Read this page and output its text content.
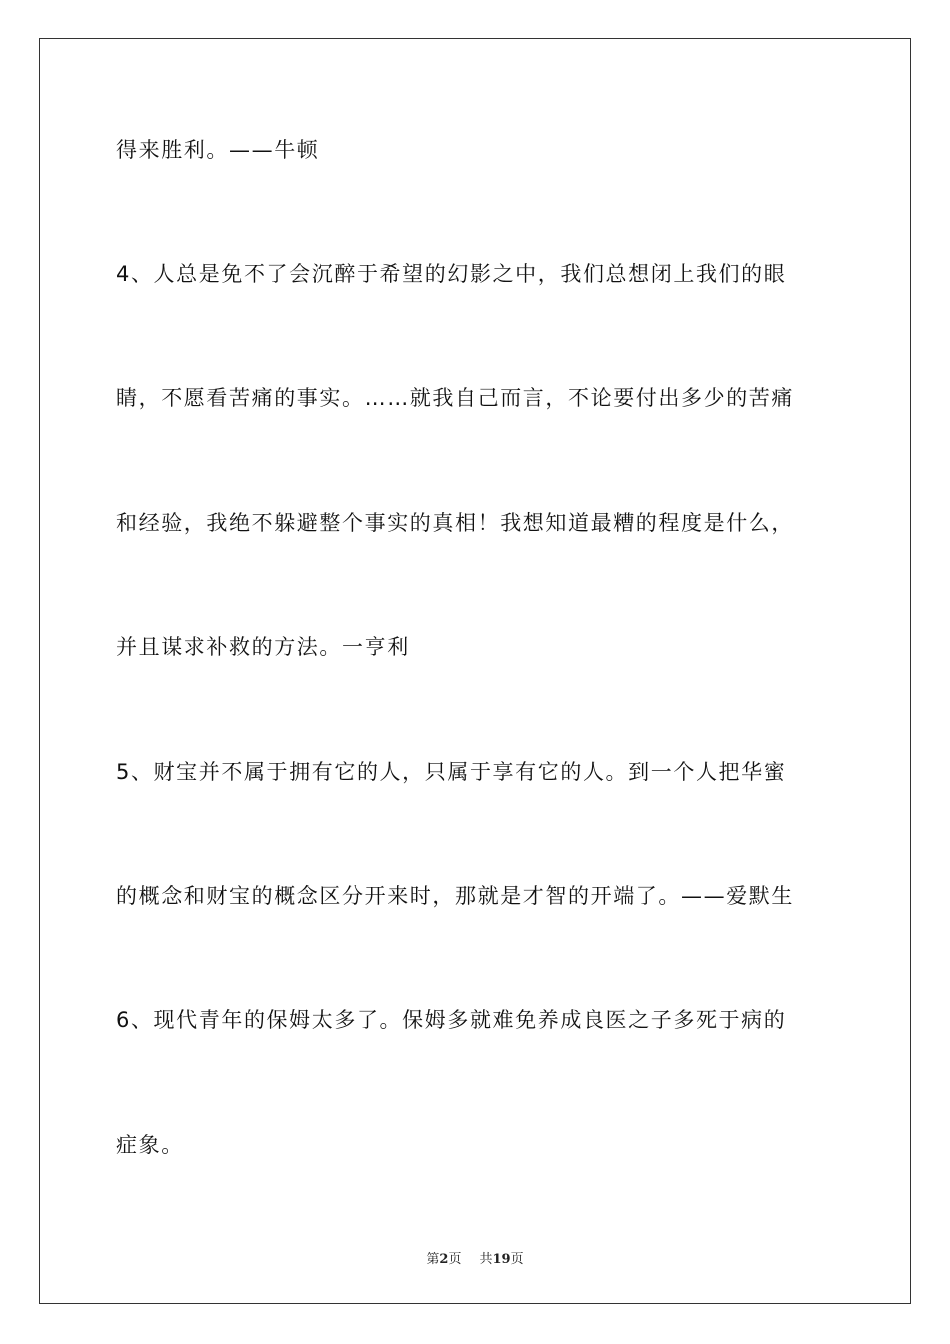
得来胜利。——牛顿

4、人总是免不了会沉醉于希望的幻影之中，我们总想闭上我们的眼

睛，不愿看苦痛的事实。……就我自己而言，不论要付出多少的苦痛

和经验，我绝不躲避整个事实的真相！我想知道最糟的程度是什么，

并且谋求补救的方法。一亨利

5、财宝并不属于拥有它的人，只属于享有它的人。到一个人把华蜜

的概念和财宝的概念区分开来时，那就是才智的开端了。——爱默生

6、现代青年的保姆太多了。保姆多就难免养成良医之子多死于病的

症象。

第2页 共19页
